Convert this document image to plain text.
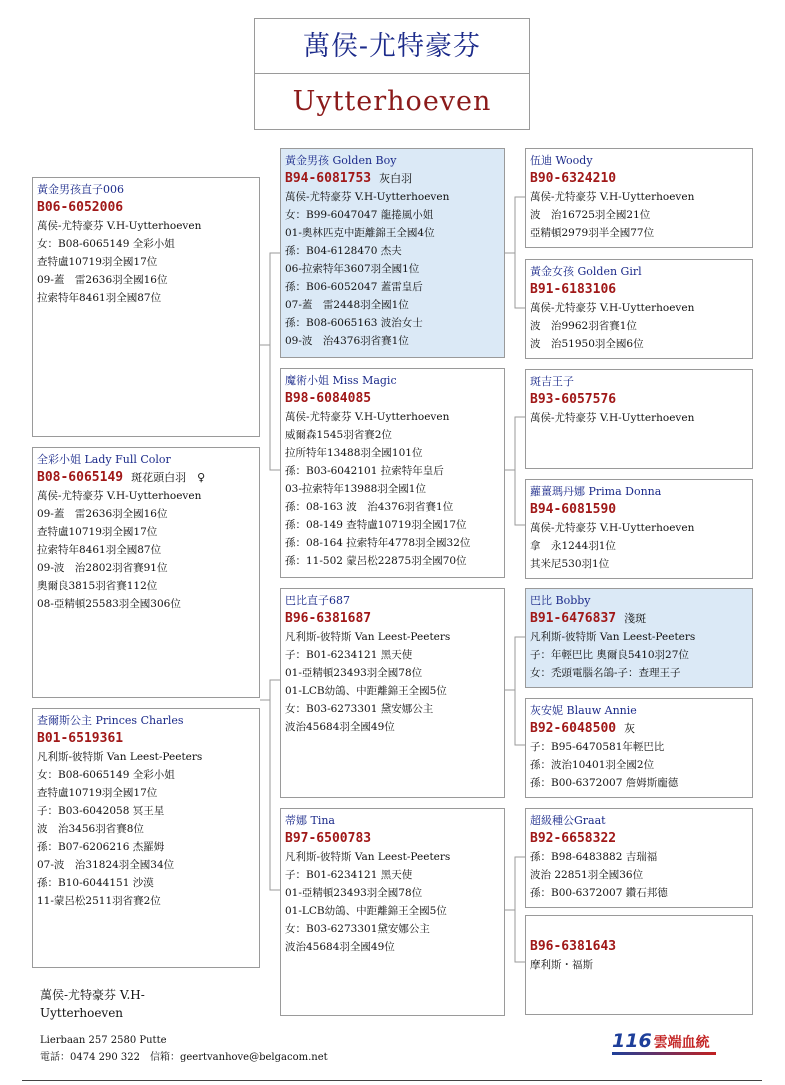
萬侯-尤特豪芬
Uytterhoeven
黃金男孩直子006
B06-6052006
萬侯-尤特豪芬 V.H-Uytterhoeven
女：B08-6065149 全彩小姐
查特盧10719羽全國17位
09-蓋　雷2636羽全國16位
拉索特年8461羽全國87位
全彩小姐 Lady Full Color
B08-6065149 斑花頭白羽　♀
萬侯-尤特豪芬 V.H-Uytterhoeven
09-蓋　雷2636羽全國16位
查特盧10719羽全國17位
拉索特年8461羽全國87位
09-波　治2802羽省賽91位
奧爾良3815羽省賽112位
08-亞精頓25583羽全國306位
查爾斯公主 Princes Charles
B01-6519361
凡利斯-彼特斯 Van Leest-Peeters
女：B08-6065149 全彩小姐
查特盧10719羽全國17位
子：B03-6042058 冥王星
波　治3456羽省賽8位
孫：B07-6206216 杰羅姆
07-波　治31824羽全國34位
孫：B10-6044151 沙漠
11-蒙呂松2511羽省賽2位
黃金男孩 Golden Boy
B94-6081753 灰白羽
萬侯-尤特豪芬 V.H-Uytterhoeven
女：B99-6047047 龍捲風小姐
01-奧林匹克中距離錦王全國4位
孫：B04-6128470 杰夫
06-拉索特年3607羽全國1位
孫：B06-6052047 蓋雷皇后
07-蓋　雷2448羽全國1位
孫：B08-6065163 波治女士
09-波　治4376羽省賽1位
魔術小姐 Miss Magic
B98-6084085
萬侯-尤特豪芬 V.H-Uytterhoeven
威爾森1545羽省賽2位
拉所特年13488羽全國101位
孫：B03-6042101 拉索特年皇后
03-拉索特年13988羽全國1位
孫：08-163 波　治4376羽省賽1位
孫：08-149 查特盧10719羽全國17位
孫：08-164 拉索特年4778羽全國32位
孫：11-502 蒙呂松22875羽全國70位
巴比直子687
B96-6381687
凡利斯-彼特斯 Van Leest-Peeters
子：B01-6234121 黑天使
01-亞精頓23493羽全國78位
01-LCB幼鴿、中距離錦王全國5位
女：B03-6273301 黛安娜公主
波治45684羽全國49位
蒂娜 Tina
B97-6500783
凡利斯-彼特斯 Van Leest-Peeters
子：B01-6234121 黑天使
01-亞精頓23493羽全國78位
01-LCB幼鴿、中距離錦王全國5位
女：B03-6273301黛安娜公主
波治45684羽全國49位
伍迪 Woody
B90-6324210
萬侯-尤特豪芬 V.H-Uytterhoeven
波　治16725羽全國21位
亞精頓2979羽半全國77位
黃金女孩 Golden Girl
B91-6183106
萬侯-尤特豪芬 V.H-Uytterhoeven
波　治9962羽省賽1位
波　治51950羽全國6位
斑吉王子
B93-6057576
萬侯-尤特豪芬 V.H-Uytterhoeven
蘿薑瑪丹娜 Prima Donna
B94-6081590
萬侯-尤特豪芬 V.H-Uytterhoeven
拿　永1244羽1位
其米尼530羽1位
巴比 Bobby
B91-6476837 淺斑
凡利斯-彼特斯 Van Leest-Peeters
子：年輕巴比 奧爾良5410羽27位
女：禿頭電腦名鴿-子：查理王子
灰安妮 Blauw Annie
B92-6048500 灰
子：B95-6470581年輕巴比
孫：波治10401羽全國2位
孫：B00-6372007 詹姆斯龐德
超級種公Graat
B92-6658322
孫：B98-6483882 吉瑞福
波治 22851羽全國36位
孫：B00-6372007 鑽石邦德
B96-6381643
摩利斯・福斯
萬侯-尤特豪芬 V.H-Uytterhoeven
Lierbaan 257 2580 Putte
電話：0474 290 322　信箱：geertvanhove@belgacom.net
116 雲端血統
